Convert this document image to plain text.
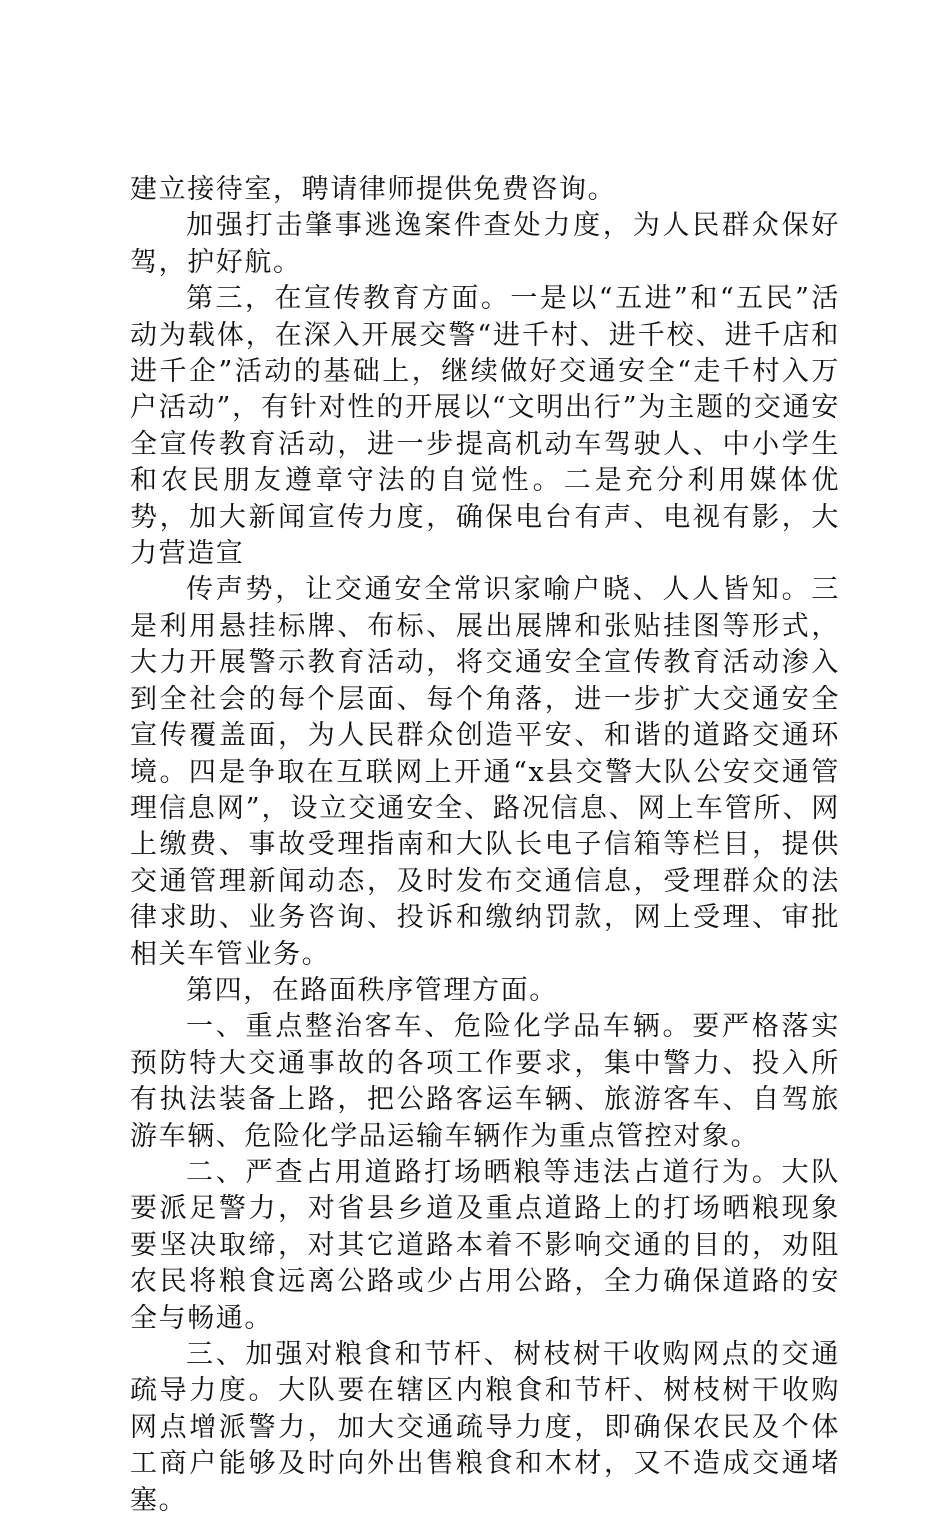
建立接待室，聘请律师提供免费咨询。

加强打击肇事逃逸案件查处力度，为人民群众保好驾，护好航。

第三，在宣传教育方面。一是以“五进”和“五民”活动为载体，在深入开展交警“进千村、进千校、进千店和进千企”活动的基础上，继续做好交通安全“走千村入万户活动”，有针对性的开展以“文明出行”为主题的交通安全宣传教育活动，进一步提高机动车驾驶人、中小学生和农民朋友遵章守法的自觉性。二是充分利用媒体优势，加大新闻宣传力度，确保电台有声、电视有影，大力营造宣

传声势，让交通安全常识家喻户晓、人人皆知。三是利用悬挂标牌、布标、展出展牌和张贴挂图等形式，大力开展警示教育活动，将交通安全宣传教育活动渗入到全社会的每个层面、每个角落，进一步扩大交通安全宣传覆盖面，为人民群众创造平安、和谐的道路交通环境。四是争取在互联网上开通“x县交警大队公安交通管理信息网”，设立交通安全、路况信息、网上车管所、网上缴费、事故受理指南和大队长电子信箱等栏目，提供交通管理新闻动态，及时发布交通信息，受理群众的法律求助、业务咨询、投诉和缴纳罚款，网上受理、审批相关车管业务。

第四，在路面秩序管理方面。

一、重点整治客车、危险化学品车辆。要严格落实预防特大交通事故的各项工作要求，集中警力、投入所有执法装备上路，把公路客运车辆、旅游客车、自驾旅游车辆、危险化学品运输车辆作为重点管控对象。

二、严查占用道路打场晒粮等违法占道行为。大队要派足警力，对省县乡道及重点道路上的打场晒粮现象要坚决取缔，对其它道路本着不影响交通的目的，劝阻农民将粮食远离公路或少占用公路，全力确保道路的安全与畅通。

三、加强对粮食和节杆、树枝树干收购网点的交通疏导力度。大队要在辖区内粮食和节杆、树枝树干收购网点增派警力，加大交通疏导力度，即确保农民及个体工商户能够及时向外出售粮食和木材，又不造成交通堵塞。
